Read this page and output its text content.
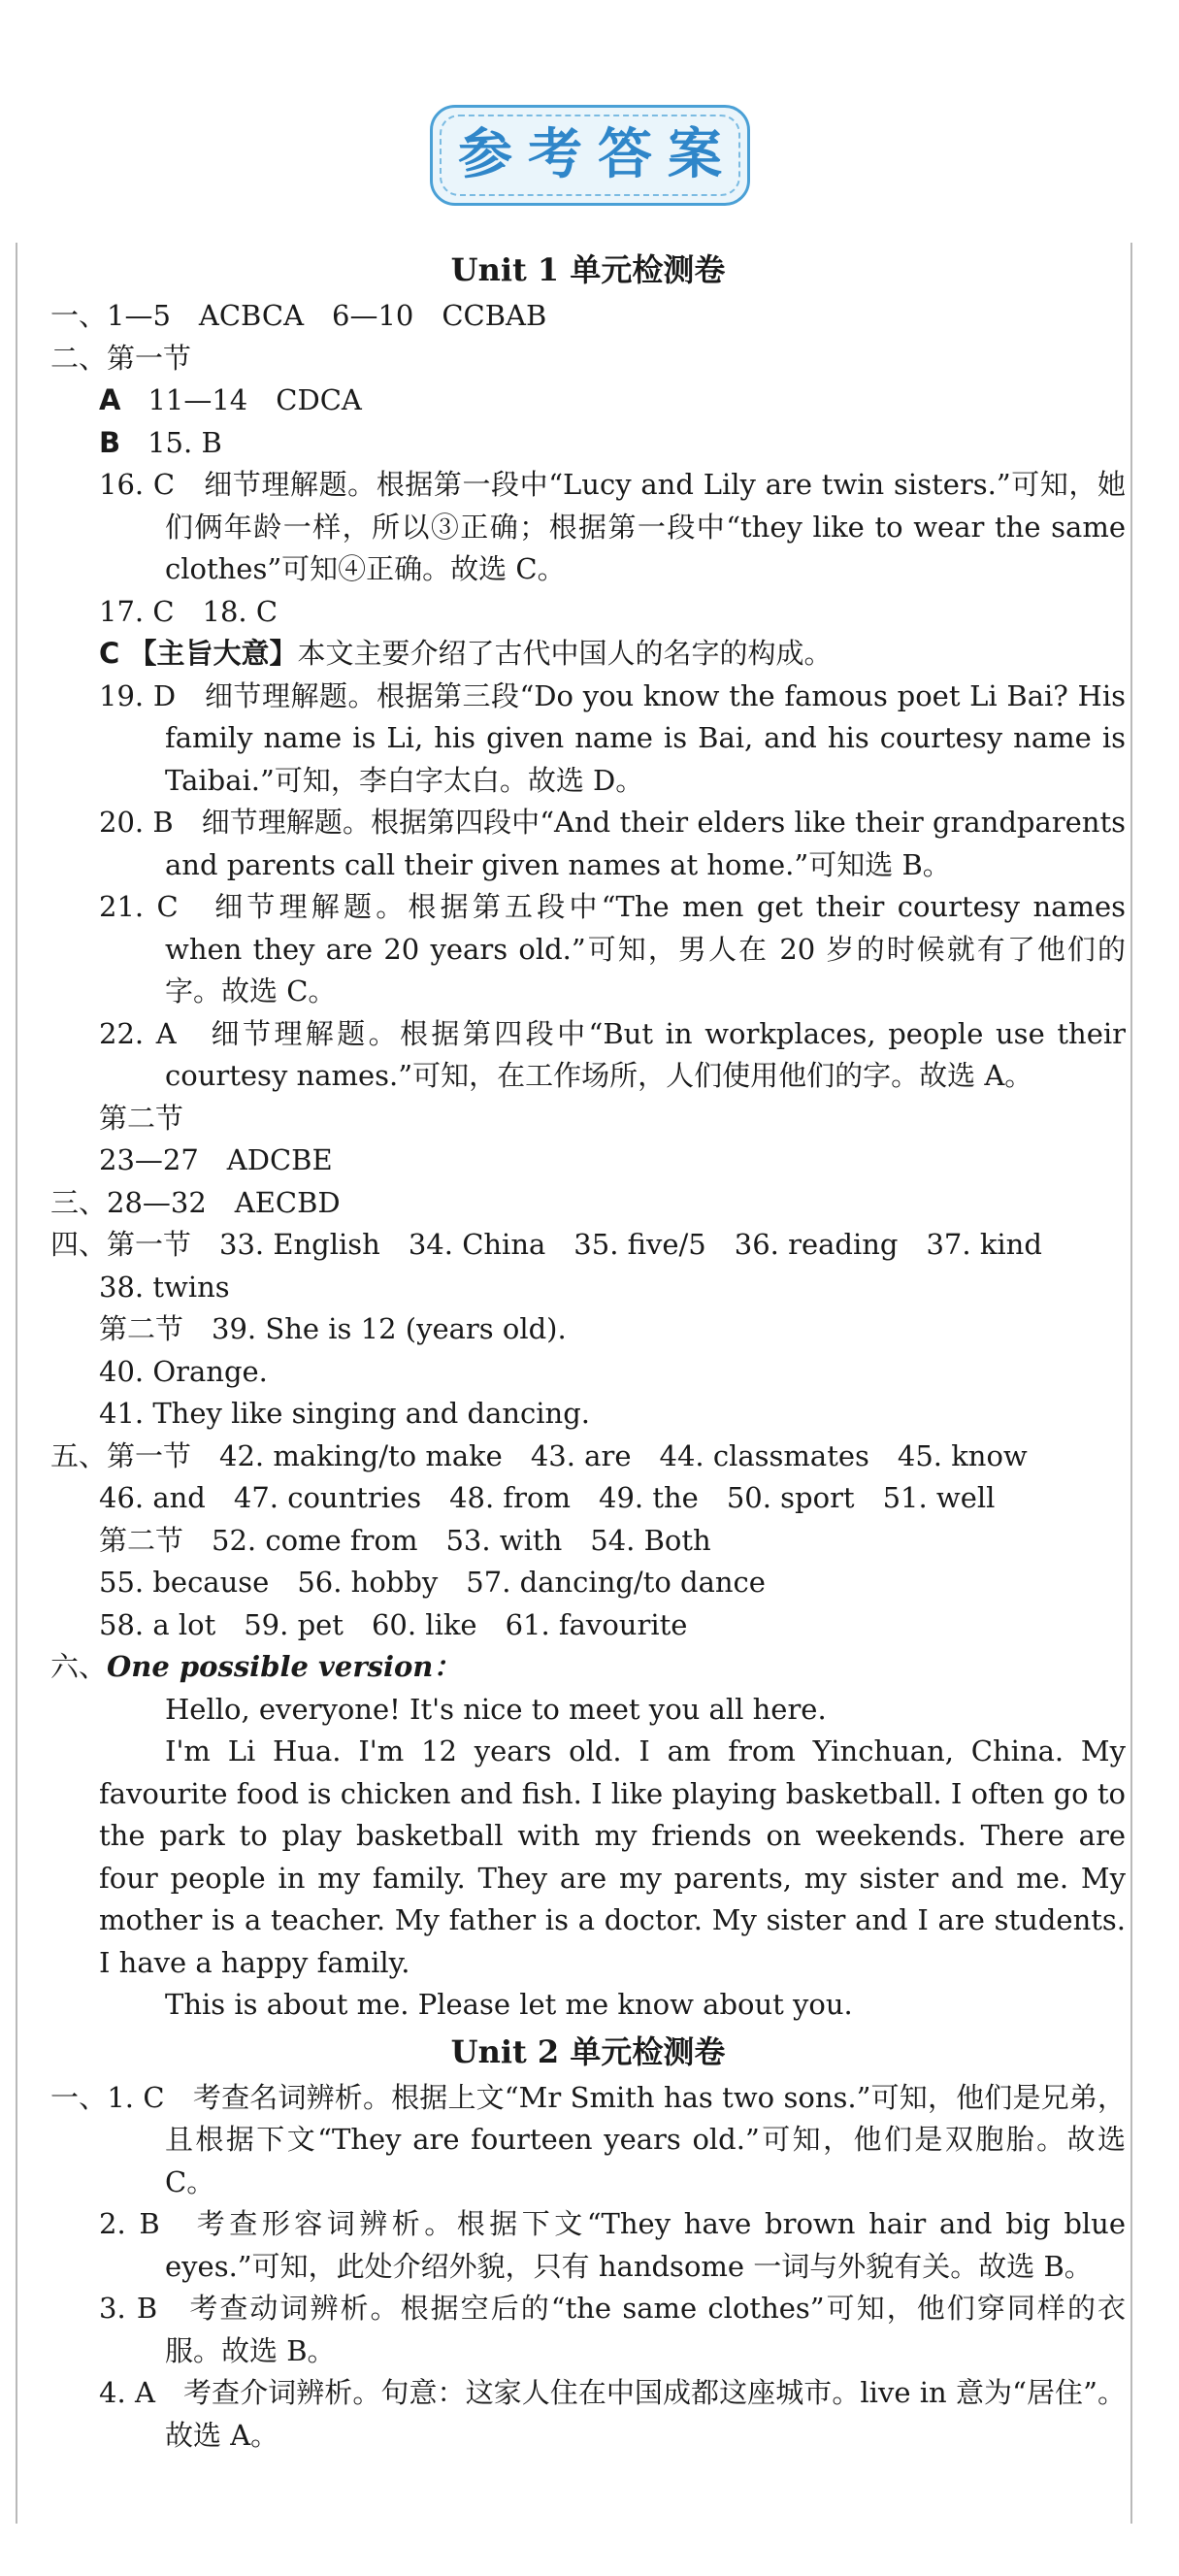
参考答案
Unit 1 单元检测卷
一、1—5　ACBCA　6—10　CCBAB
二、第一节
A 11—14　CDCA
B 15. B
16. C　细节理解题。根据第一段中“Lucy and Lily are twin sisters.”可知，她们俩年龄一样，所以③正确；根据第一段中“they like to wear the same clothes”可知④正确。故选 C。
17. C　18. C
C 【主旨大意】本文主要介绍了古代中国人的名字的构成。
19. D　细节理解题。根据第三段“Do you know the famous poet Li Bai? His family name is Li, his given name is Bai, and his courtesy name is Taibai.”可知，李白字太白。故选 D。
20. B　细节理解题。根据第四段中“And their elders like their grandparents and parents call their given names at home.”可知选 B。
21. C　细节理解题。根据第五段中“The men get their courtesy names when they are 20 years old.”可知，男人在 20 岁的时候就有了他们的字。故选 C。
22. A　细节理解题。根据第四段中“But in workplaces, people use their courtesy names.”可知，在工作场所，人们使用他们的字。故选 A。
第二节
23—27　ADCBE
三、28—32　AECBD
四、第一节　33. English　34. China　35. five/5　36. reading　37. kind
38. twins
第二节　39. She is 12 (years old).
40. Orange.
41. They like singing and dancing.
五、第一节　42. making/to make　43. are　44. classmates　45. know
46. and　47. countries　48. from　49. the　50. sport　51. well
第二节　52. come from　53. with　54. Both
55. because　56. hobby　57. dancing/to dance
58. a lot　59. pet　60. like　61. favourite
六、One possible version：
Hello, everyone! It's nice to meet you all here.
I'm Li Hua. I'm 12 years old. I am from Yinchuan, China. My favourite food is chicken and fish. I like playing basketball. I often go to the park to play basketball with my friends on weekends. There are four people in my family. They are my parents, my sister and me. My mother is a teacher. My father is a doctor. My sister and I are students. I have a happy family.
This is about me. Please let me know about you.
Unit 2 单元检测卷
一、1. C　考查名词辨析。根据上文“Mr Smith has two sons.”可知，他们是兄弟，且根据下文“They are fourteen years old.”可知，他们是双胞胎。故选 C。
2. B　考查形容词辨析。根据下文“They have brown hair and big blue eyes.”可知，此处介绍外貌，只有 handsome 一词与外貌有关。故选 B。
3. B　考查动词辨析。根据空后的“the same clothes”可知，他们穿同样的衣服。故选 B。
4. A　考查介词辨析。句意：这家人住在中国成都这座城市。live in 意为“居住”。故选 A。
